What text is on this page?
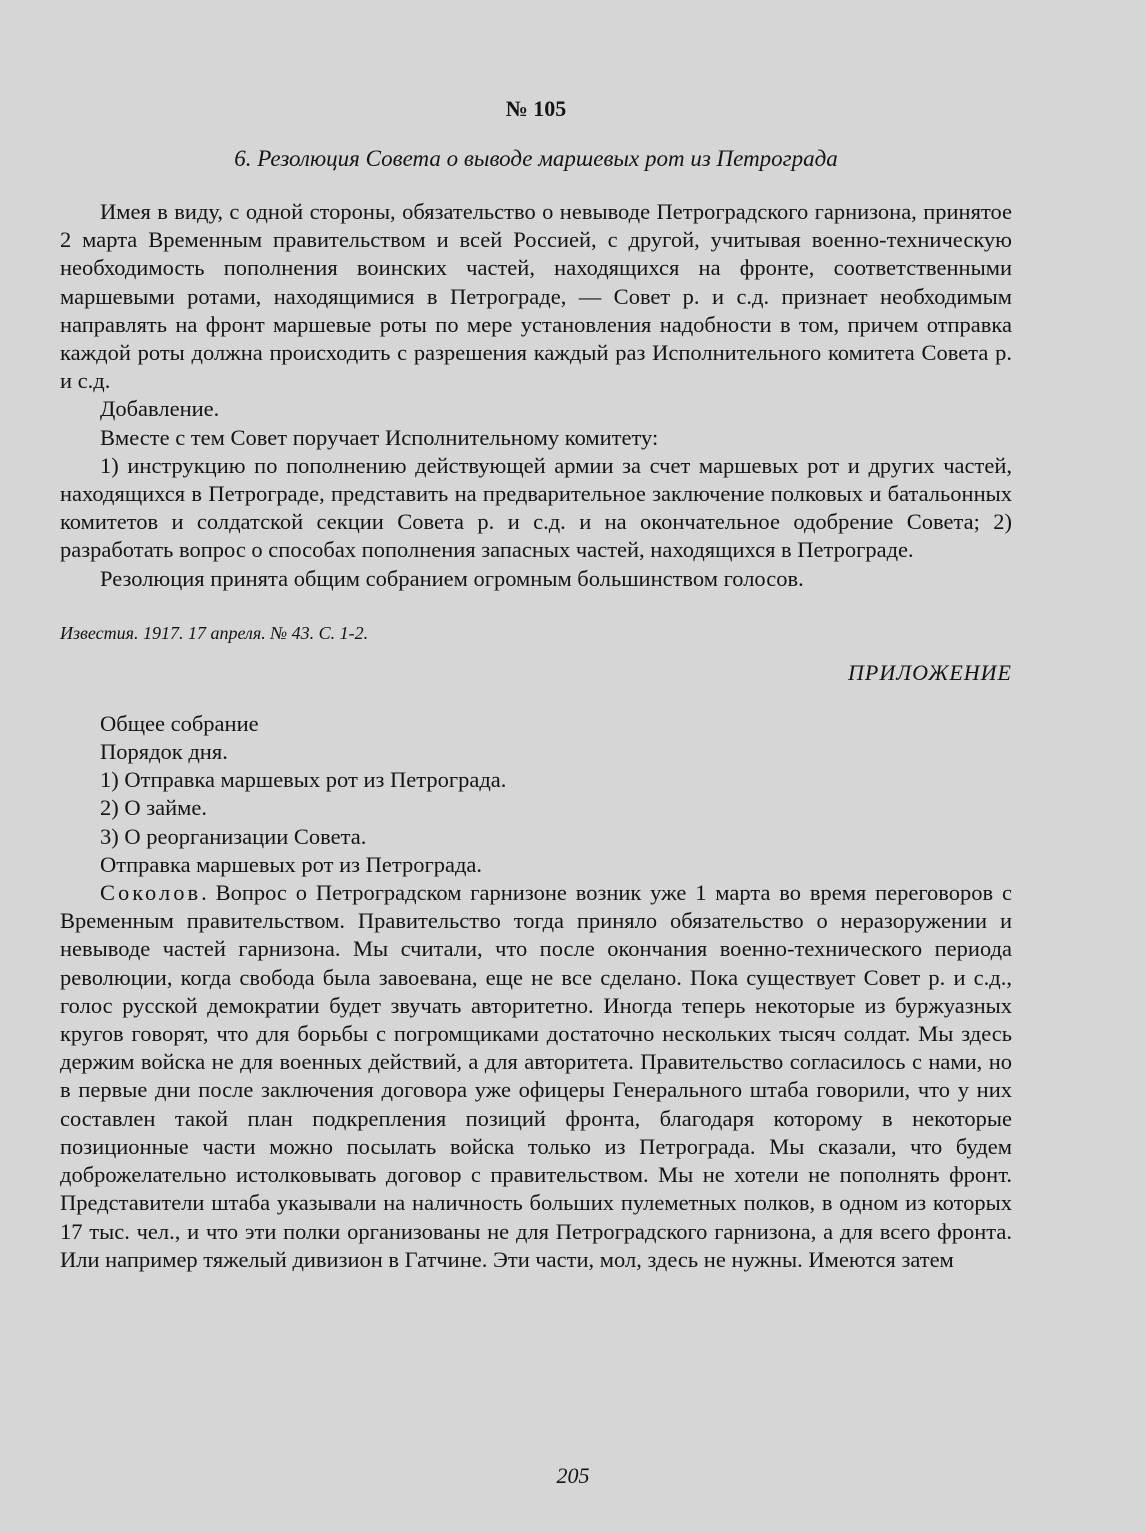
№ 105
6. Резолюция Совета о выводе маршевых рот из Петрограда

Имея в виду, с одной стороны, обязательство о невыводе Петроградского гарнизона, принятое 2 марта Временным правительством и всей Россией, с другой, учитывая военно-техническую необходимость пополнения воинских частей, находящихся на фронте, соответственными маршевыми ротами, находящимися в Петрограде, — Совет р. и с.д. признает необходимым направлять на фронт маршевые роты по мере установления надобности в том, причем отправка каждой роты должна происходить с разрешения каждый раз Исполнительного комитета Совета р. и с.д.

Добавление.

Вместе с тем Совет поручает Исполнительному комитету:

1) инструкцию по пополнению действующей армии за счет маршевых рот и других частей, находящихся в Петрограде, представить на предварительное заключение полковых и батальонных комитетов и солдатской секции Совета р. и с.д. и на окончательное одобрение Совета; 2) разработать вопрос о способах пополнения запасных частей, находящихся в Петрограде.

Резолюция принята общим собранием огромным большинством голосов.

Известия. 1917. 17 апреля. № 43. С. 1-2.
ПРИЛОЖЕНИЕ

Общее собрание

Порядок дня.

1) Отправка маршевых рот из Петрограда.

2) О займе.

3) О реорганизации Совета.

Отправка маршевых рот из Петрограда.

Соколов. Вопрос о Петроградском гарнизоне возник уже 1 марта во время переговоров с Временным правительством. Правительство тогда приняло обязательство о неразоружении и невыводе частей гарнизона. Мы считали, что после окончания военно-технического периода революции, когда свобода была завоевана, еще не все сделано. Пока существует Совет р. и с.д., голос русской демократии будет звучать авторитетно. Иногда теперь некоторые из буржуазных кругов говорят, что для борьбы с погромщиками достаточно нескольких тысяч солдат. Мы здесь держим войска не для военных действий, а для авторитета. Правительство согласилось с нами, но в первые дни после заключения договора уже офицеры Генерального штаба говорили, что у них составлен такой план подкрепления позиций фронта, благодаря которому в некоторые позиционные части можно посылать войска только из Петрограда. Мы сказали, что будем доброжелательно истолковывать договор с правительством. Мы не хотели не пополнять фронт. Представители штаба указывали на наличность больших пулеметных полков, в одном из которых 17 тыс. чел., и что эти полки организованы не для Петроградского гарнизона, а для всего фронта. Или например тяжелый дивизион в Гатчине. Эти части, мол, здесь не нужны. Имеются затем

205
